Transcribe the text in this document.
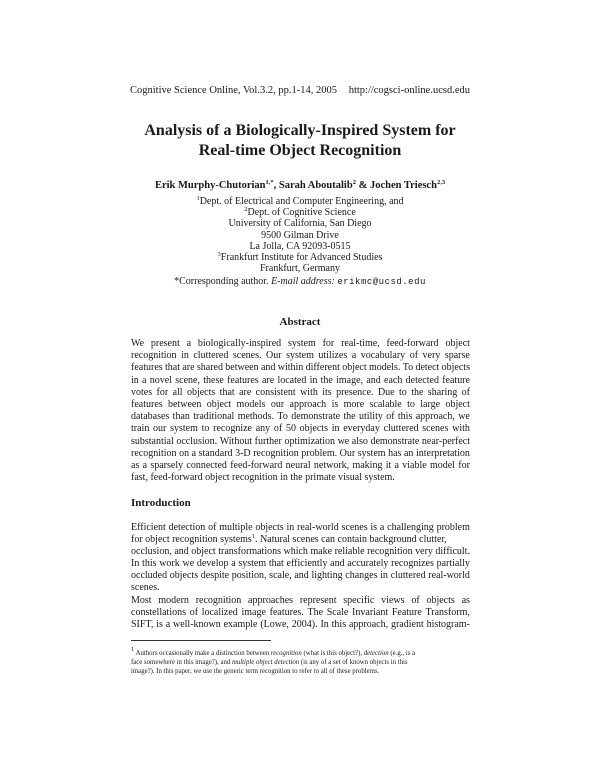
Cognitive Science Online, Vol.3.2, pp.1-14, 2005 http://cogsci-online.ucsd.edu
Analysis of a Biologically-Inspired System for
Real-time Object Recognition
Erik Murphy-Chutorian$^{1,*}$, Sarah Aboutalib$^2$ & Jochen Triesch$^{2,3}$
$^1$Dept. of Electrical and Computer Engineering, and
$^2$Dept. of Cognitive Science
University of California, San Diego
9500 Gilman Drive
La Jolla, CA 92093-0515
$^3$Frankfurt Institute for Advanced Studies
Frankfurt, Germany
*Corresponding author. E-mail address: erikmc@ucsd.edu
Abstract
We present a biologically-inspired system for real-time, feed-forward object
recognition in cluttered scenes. Our system utilizes a vocabulary of very sparse
features that are shared between and within different object models. To detect objects
in a novel scene, these features are located in the image, and each detected feature
votes for all objects that are consistent with its presence. Due to the sharing of
features between object models our approach is more scalable to large object
databases than traditional methods. To demonstrate the utility of this approach, we
train our system to recognize any of 50 objects in everyday cluttered scenes with
substantial occlusion. Without further optimization we also demonstrate near-perfect
recognition on a standard 3-D recognition problem. Our system has an interpretation
as a sparsely connected feed-forward neural network, making it a viable model for
fast, feed-forward object recognition in the primate visual system.
Introduction
Efficient detection of multiple objects in real-world scenes is a challenging problem
for object recognition systems$^1$. Natural scenes can contain background clutter,
occlusion, and object transformations which make reliable recognition very difficult.
In this work we develop a system that efficiently and accurately recognizes partially
occluded objects despite position, scale, and lighting changes in cluttered real-world
scenes.
Most modern recognition approaches represent specific views of objects as
constellations of localized image features. The Scale Invariant Feature Transform,
SIFT, is a well-known example (Lowe, 2004). In this approach, gradient histogram-
$^1$ Authors occasionally make a distinction between recognition (what is this object?), detection (e.g., is a
face somewhere in this image?), and multiple object detection (is any of a set of known objects in this
image?). In this paper, we use the generic term recognition to refer to all of these problems.
